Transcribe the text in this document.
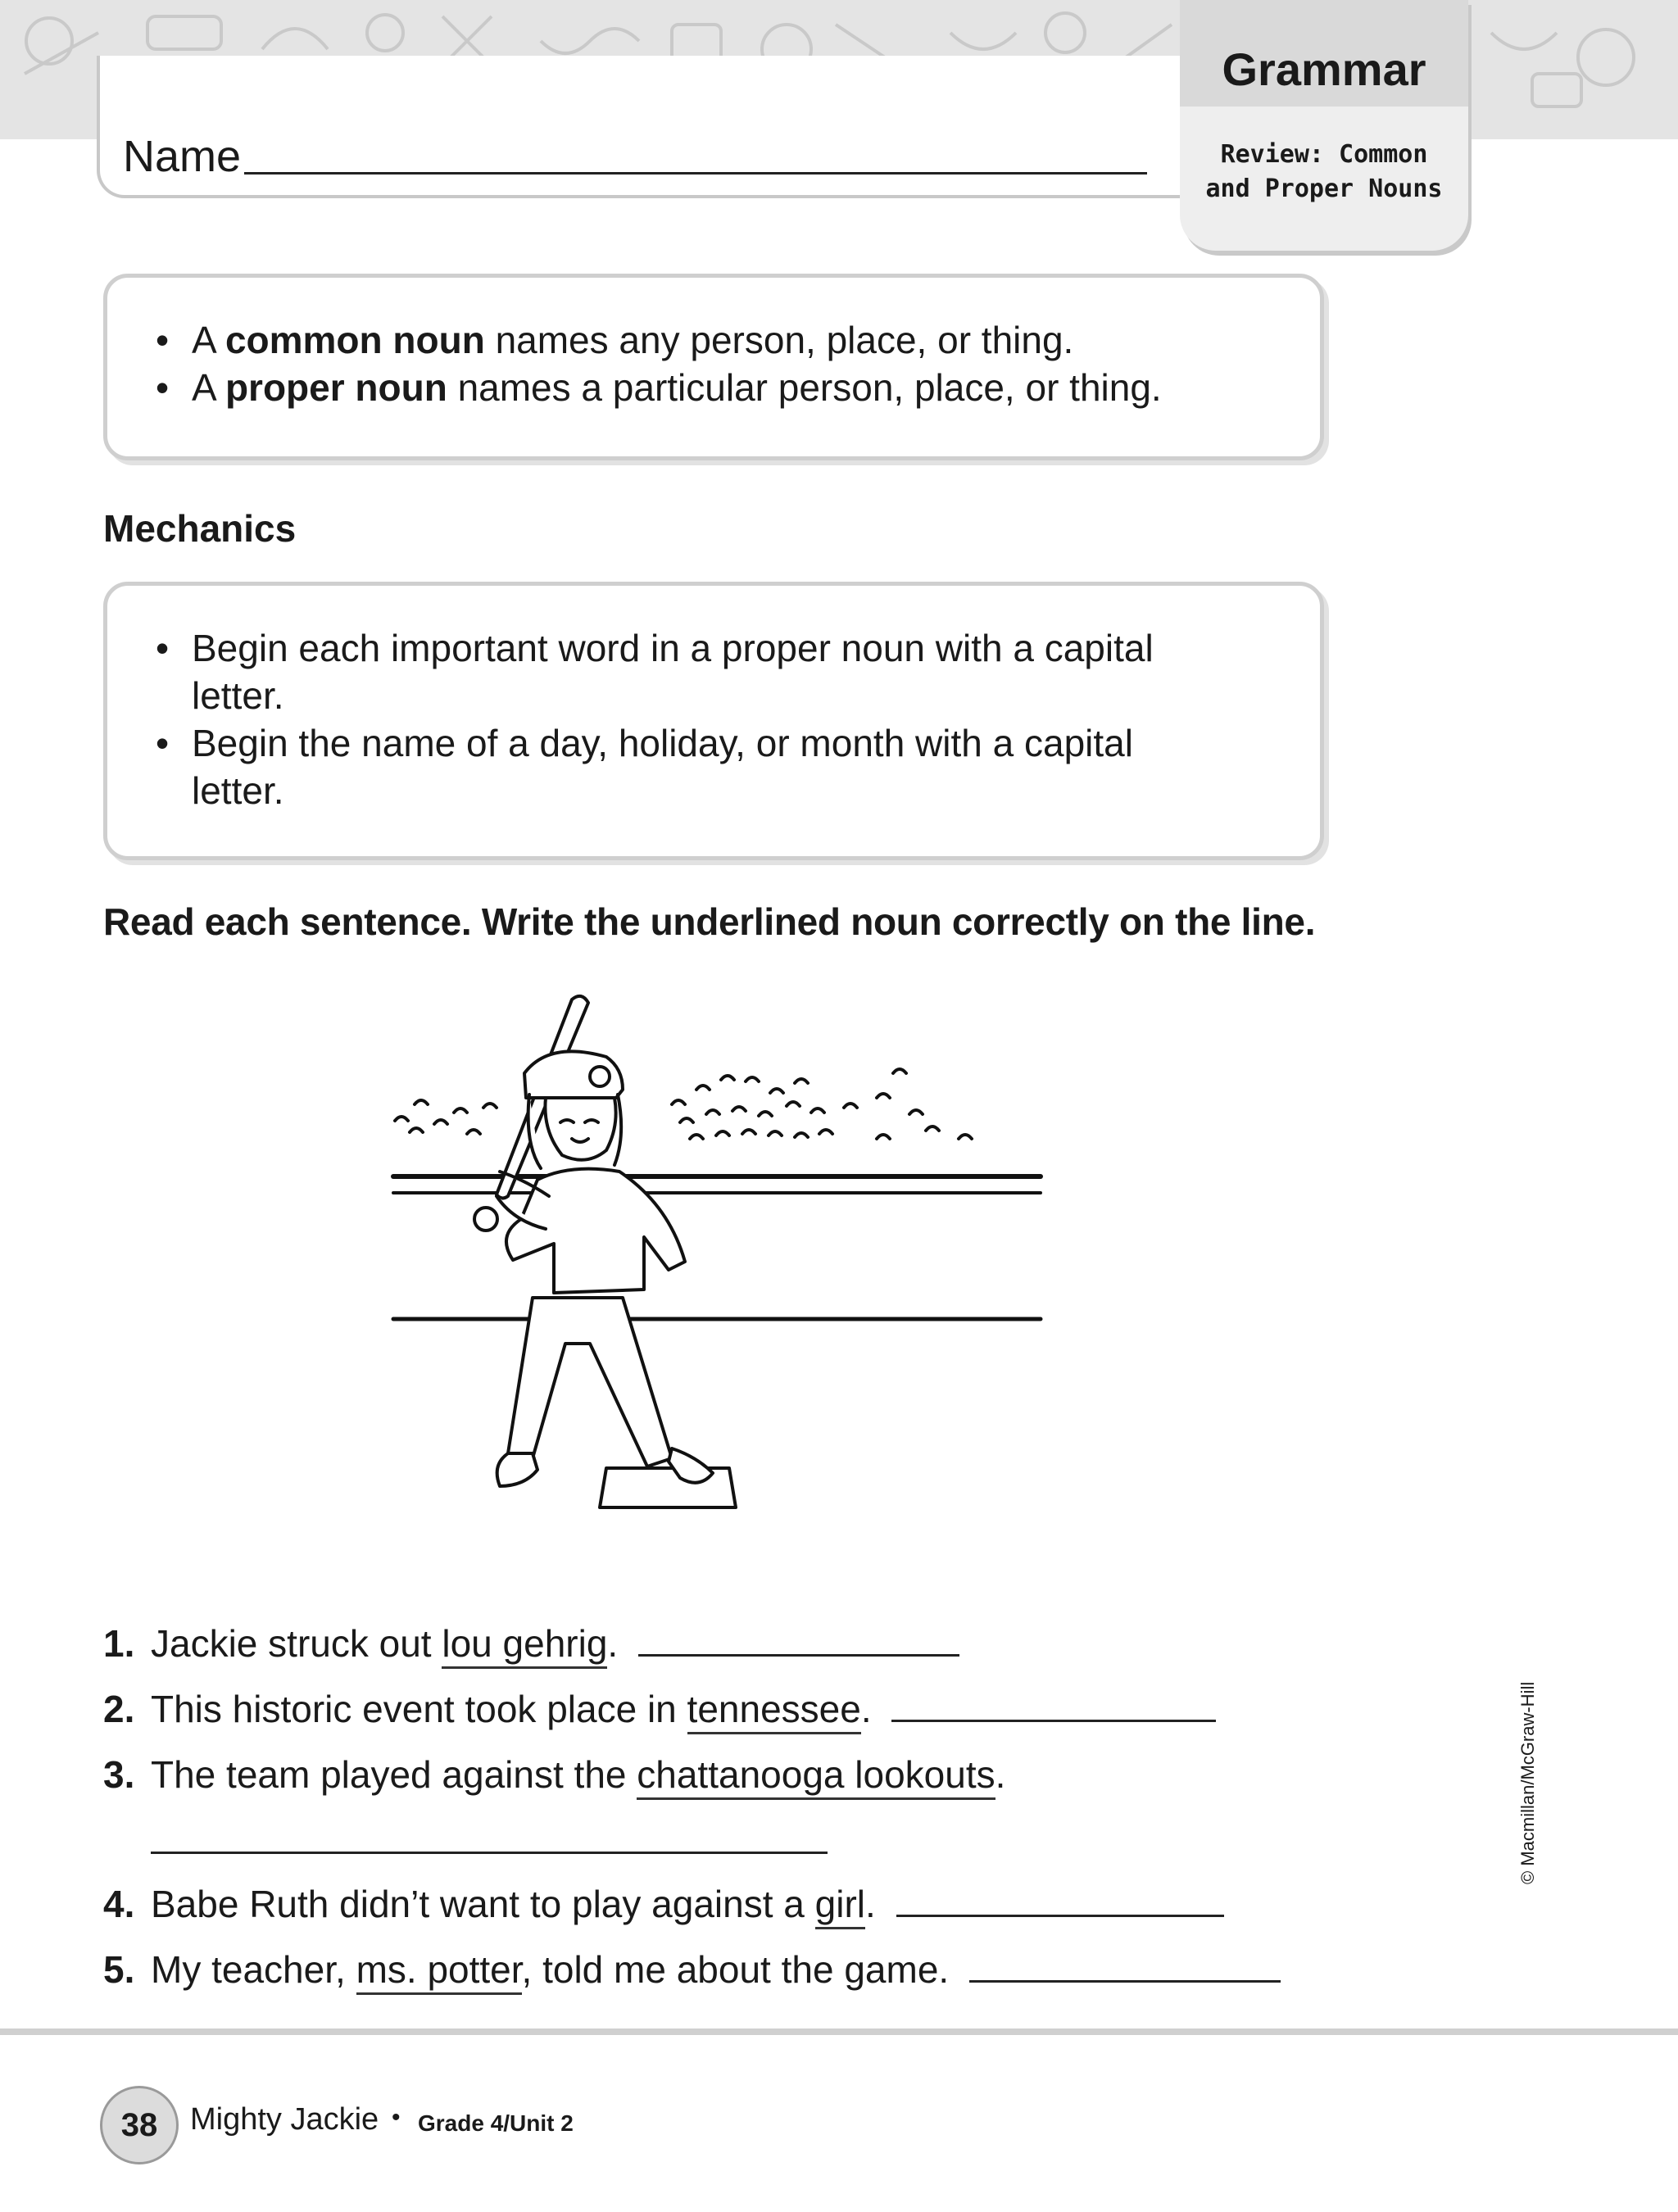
Name
Grammar
Review: Common
and Proper Nouns
• A common noun names any person, place, or thing.
• A proper noun names a particular person, place, or thing.
Mechanics
• Begin each important word in a proper noun with a capital
letter.
• Begin the name of a day, holiday, or month with a capital
letter.
Read each sentence. Write the underlined noun correctly on the line.
1. Jackie struck out lou gehrig.
2. This historic event took place in tennessee.
3. The team played against the chattanooga lookouts.
4. Babe Ruth didn’t want to play against a girl.
5. My teacher, ms. potter, told me about the game.
© Macmillan/McGraw-Hill
38	Mighty Jackie • Grade 4/Unit 2
